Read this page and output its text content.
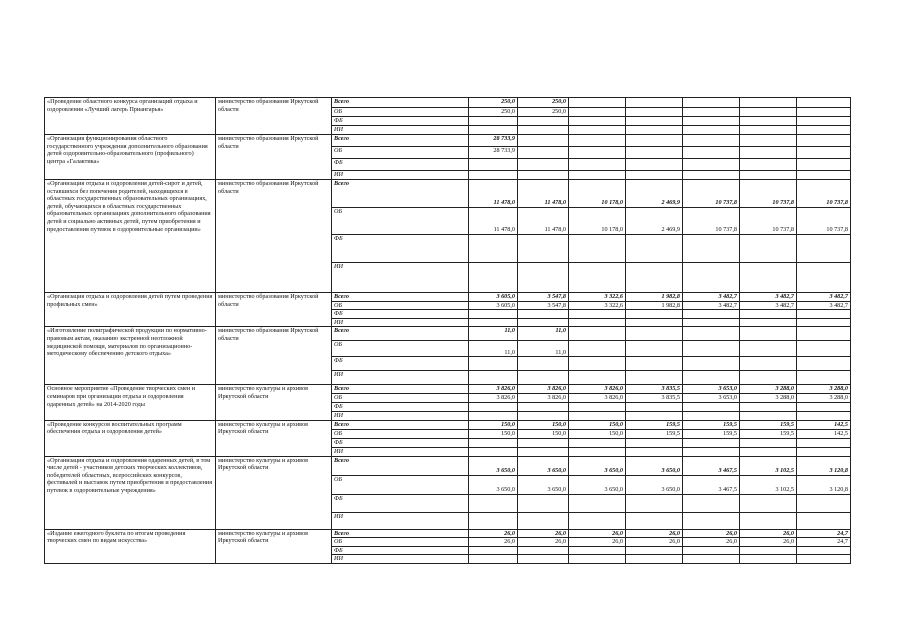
«Проведение областного конкурса организаций отдыха и оздоровления «Лучший лагерь Приангарья»	министерство образования Иркутской области	Всего	250,0	250,0					
		ОБ	250,0	250,0					
		ФБ							
		ИИ							
«Организация функционирования областного государственного учреждения дополнительного образования детей оздоровительно-образовательного (профильного) центра «Галактика»	министерство образования Иркутской области	Всего	28 733,9						
		ОБ	28 733,9						
		ФБ							
		ИИ							
«Организация отдыха и оздоровления детей-сирот и детей, оставшихся без попечения родителей, находящихся в областных государственных образовательных организациях, детей, обучающихся в областных государственных образовательных организациях дополнительного образования детей и социально активных детей, путем приобретения и предоставления путевок в оздоровительные организации»	министерство образования Иркутской области	Всего	11 478,0	11 478,0	10 178,0	2 469,9	10 737,8	10 737,8	10 737,8
		ОБ	11 478,0	11 478,0	10 178,0	2 469,9	10 737,8	10 737,8	10 737,8
		ФБ							
		ИИ							
«Организация отдыха и оздоровления детей путем проведения профильных смен»	министерство образования Иркутской области	Всего	3 605,0	3 547,8	3 322,6	1 982,8	3 482,7	3 482,7	3 482,7
		ОБ	3 605,0	3 547,8	3 322,6	1 982,8	3 482,7	3 482,7	3 482,7
		ФБ							
		ИИ							
«Изготовление полиграфической продукции по нормативно-правовым актам, оказанию экстренной неотложной медицинской помощи, материалов по организационно-методическому обеспечению детского отдыха»	министерство образования Иркутской области	Всего	11,0	11,0					
		ОБ	11,0	11,0					
		ФБ							
		ИИ							
Основное мероприятие «Проведение творческих смен и семинаров при организации отдыха и оздоровления одаренных детей» на 2014-2020 годы	министерство культуры и архивов Иркутской области	Всего	3 826,0	3 826,0	3 826,0	3 835,5	3 653,0	3 288,0	3 288,0
		ОБ	3 826,0	3 826,0	3 826,0	3 835,5	3 653,0	3 288,0	3 288,0
		ФБ							
		ИИ							
«Проведение конкурсов воспитательных программ обеспечения отдыха и оздоровления детей»	министерство культуры и архивов Иркутской области	Всего	150,0	150,0	150,0	159,5	159,5	159,5	142,5
		ОБ	150,0	150,0	150,0	159,5	159,5	159,5	142,5
		ФБ							
		ИИ							
«Организация отдыха и оздоровления одаренных детей, в том числе детей - участников детских творческих коллективов, победителей областных, всероссийских конкурсов, фестивалей и выставок путем приобретения и предоставления путевок в оздоровительные учреждения»	министерство культуры и архивов Иркутской области	Всего	3 650,0	3 650,0	3 650,0	3 650,0	3 467,5	3 102,5	3 120,8
		ОБ	3 650,0	3 650,0	3 650,0	3 650,0	3 467,5	3 102,5	3 120,8
		ФБ							
		ИИ							
«Издание ежегодного буклета по итогам проведения творческих смен по видам искусства»	министерство культуры и архивов Иркутской области	Всего	26,0	26,0	26,0	26,0	26,0	26,0	24,7
		ОБ	26,0	26,0	26,0	26,0	26,0	26,0	24,7
		ФБ							
		ИИ							
